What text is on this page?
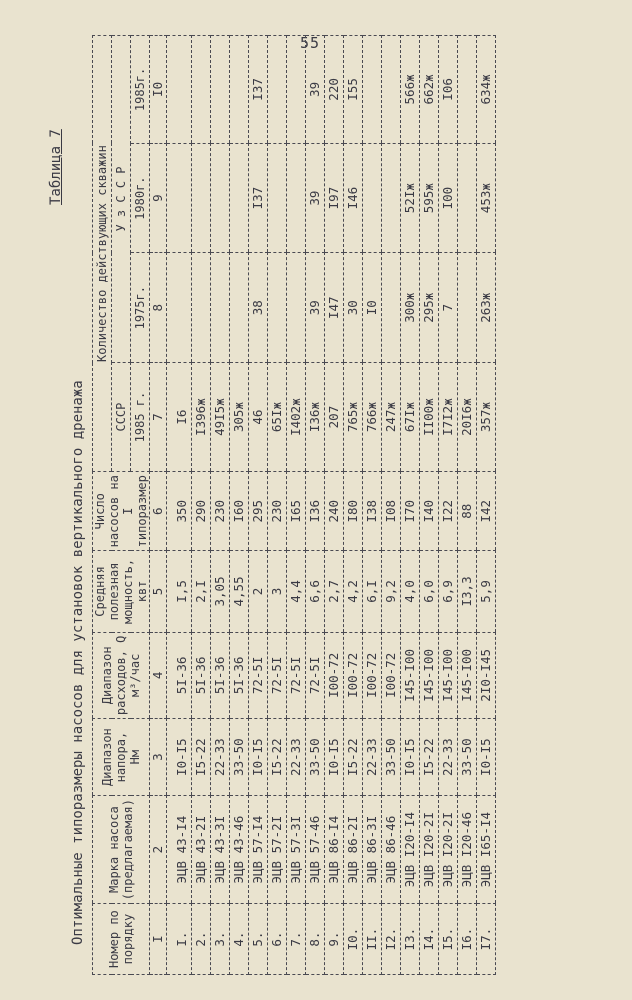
55
Таблица 7
Оптимальные типоразмеры насосов для установок вертикального дренажа Номер по порядку	Марка насоса (предлагаемая)	Диапазон напора, Нм	Диапазон расходов, Q м³/час	Средняя полезная мощность, квт	Число насосов на I типоразмер	Количество действующих скважин			
						СССР	У з С С Р		
						1985 г.	1975г.	1980г.	1985г.
I	2	3	4	5	6	7	8	9	I0
I.	ЭЦВ 43-I4	I0-I5	5I-36	I,5	350	I6			
2.	ЭЦВ 43-2I	I5-22	5I-36	2,I	290	I396ж			
3.	ЭЦВ 43-3I	22-33	5I-36	3,05	230	49I5ж			
4.	ЭЦВ 43-46	33-50	5I-36	4,55	I60	305ж			
5.	ЭЦВ 57-I4	I0-I5	72-5I	2	295	46	38	I37	I37
6.	ЭЦВ 57-2I	I5-22	72-5I	3	230	65Iж			
7.	ЭЦВ 57-3I	22-33	72-5I	4,4	I65	I402ж			
8.	ЭЦВ 57-46	33-50	72-5I	6,6	I36	I36ж	39	39	39
9.	ЭЦВ 86-I4	I0-I5	I00-72	2,7	240	207	I47	I97	220
I0.	ЭЦВ 86-2I	I5-22	I00-72	4,2	I80	765ж	30	I46	I55
II.	ЭЦВ 86-3I	22-33	I00-72	6,I	I38	766ж	I0		
I2.	ЭЦВ 86-46	33-50	I00-72	9,2	I08	247ж			
I3.	ЭЦВ I20-I4	I0-I5	I45-I00	4,0	I70	67Iж	300ж	52Iж	566ж
I4.	ЭЦВ I20-2I	I5-22	I45-I00	6,0	I40	II00ж	295ж	595ж	662ж
I5.	ЭЦВ I20-2I	22-33	I45-I00	6,9	I22	I7I2ж	7	I00	I06
I6.	ЭЦВ I20-46	33-50	I45-I00	I3,3	88	20I6ж			
I7.	ЭЦВ I65-I4	I0-I5	2I0-I45	5,9	I42	357ж	263ж	453ж	634ж
